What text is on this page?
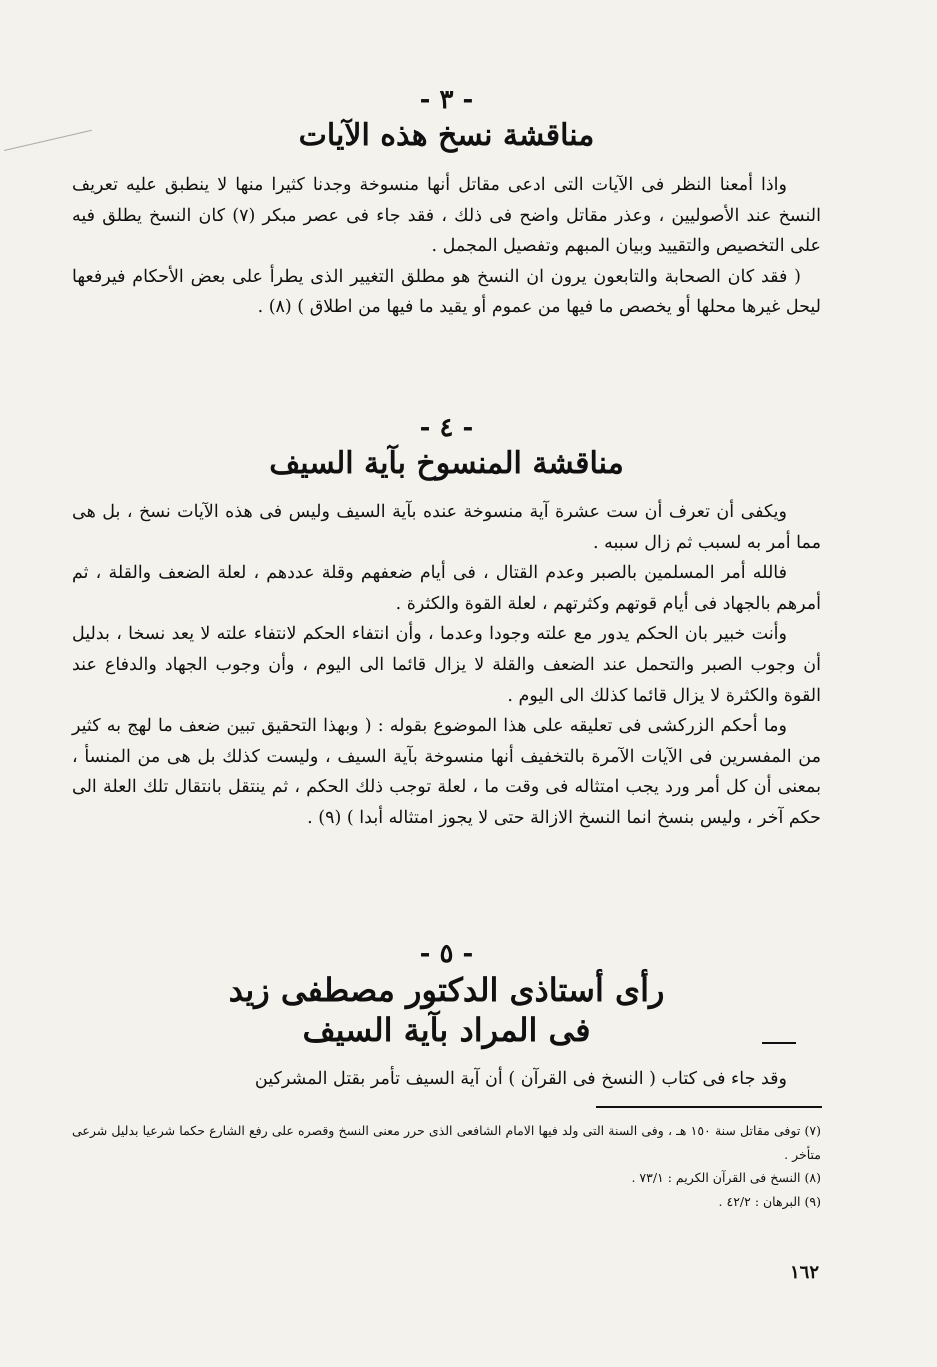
- ٣ -
مناقشة نسخ هذه الآيات

واذا أمعنا النظر فى الآيات التى ادعى مقاتل أنها منسوخة وجدنا كثيرا منها لا ينطبق عليه تعريف النسخ عند الأصوليين ، وعذر مقاتل واضح فى ذلك ، فقد جاء فى عصر مبكر (٧) كان النسخ يطلق فيه على التخصيص والتقييد وبيان المبهم وتفصيل المجمل .

( فقد كان الصحابة والتابعون يرون ان النسخ هو مطلق التغيير الذى يطرأ على بعض الأحكام فيرفعها ليحل غيرها محلها أو يخصص ما فيها من عموم أو يقيد ما فيها من اطلاق ) (٨) .

- ٤ -
مناقشة المنسوخ بآية السيف

ويكفى أن تعرف أن ست عشرة آية منسوخة عنده بآية السيف وليس فى هذه الآيات نسخ ، بل هى مما أمر به لسبب ثم زال سببه .

فالله أمر المسلمين بالصبر وعدم القتال ، فى أيام ضعفهم وقلة عددهم ، لعلة الضعف والقلة ، ثم أمرهم بالجهاد فى أيام قوتهم وكثرتهم ، لعلة القوة والكثرة .

وأنت خبير بان الحكم يدور مع علته وجودا وعدما ، وأن انتفاء الحكم لانتفاء علته لا يعد نسخا ، بدليل أن وجوب الصبر والتحمل عند الضعف والقلة لا يزال قائما الى اليوم ، وأن وجوب الجهاد والدفاع عند القوة والكثرة لا يزال قائما كذلك الى اليوم .

وما أحكم الزركشى فى تعليقه على هذا الموضوع بقوله : ( وبهذا التحقيق تبين ضعف ما لهج به كثير من المفسرين فى الآيات الآمرة بالتخفيف أنها منسوخة بآية السيف ، وليست كذلك بل هى من المنسأ ، بمعنى أن كل أمر ورد يجب امتثاله فى وقت ما ، لعلة توجب ذلك الحكم ، ثم ينتقل بانتقال تلك العلة الى حكم آخر ، وليس بنسخ انما النسخ الازالة حتى لا يجوز امتثاله أبدا ) (٩) .

- ٥ -
رأى أستاذى الدكتور مصطفى زيد
فى المراد بآية السيف

وقد جاء فى كتاب ( النسخ فى القرآن ) أن آية السيف تأمر بقتل المشركين

(٧) توفى مقاتل سنة ١٥٠ هـ ، وفى السنة التى ولد فيها الامام الشافعى الذى حرر معنى النسخ وقصره على رفع الشارع حكما شرعيا بدليل شرعى متأخر .

(٨) النسخ فى القرآن الكريم : ٧٣/١ .

(٩) البرهان : ٤٢/٢ .

١٦٢
